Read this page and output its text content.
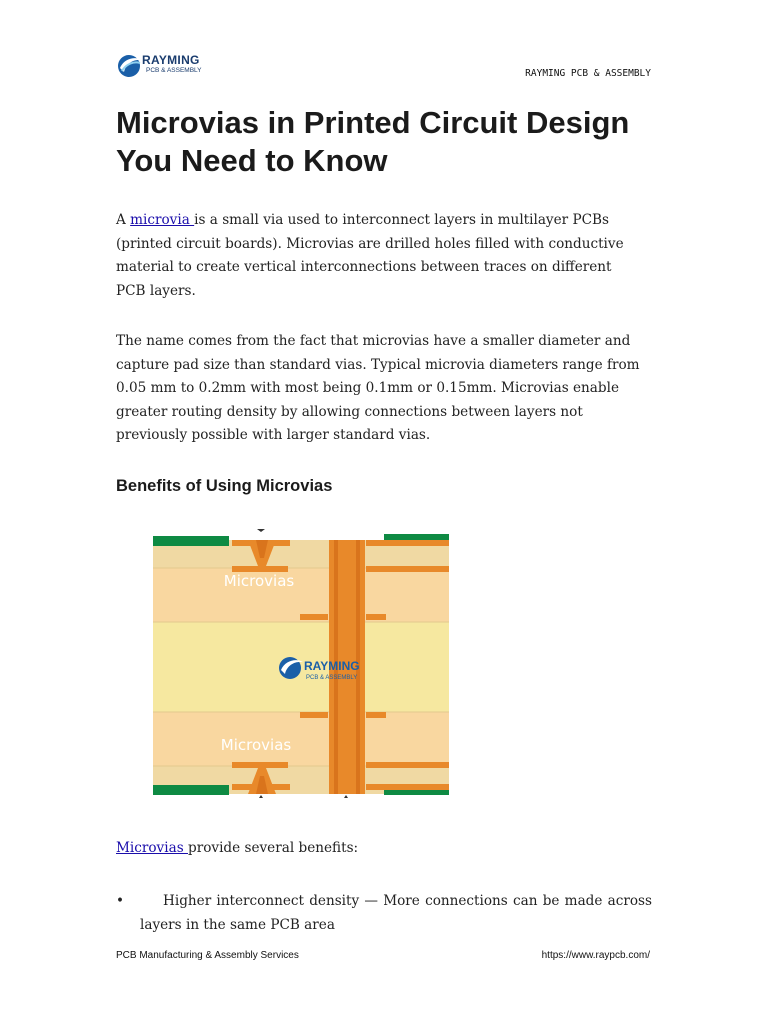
RAYMING
PCB & ASSEMBLY	RAYMING PCB & ASSEMBLY
Microvias in Printed Circuit Design You Need to Know

A microvia is a small via used to interconnect layers in multilayer PCBs (printed circuit boards). Microvias are drilled holes filled with conductive material to create vertical interconnections between traces on different PCB layers.

The name comes from the fact that microvias have a smaller diameter and capture pad size than standard vias. Typical microvia diameters range from 0.05 mm to 0.2mm with most being 0.1mm or 0.15mm. Microvias enable greater routing density by allowing connections between layers not previously possible with larger standard vias.

Benefits of Using Microvias
Microvias
Microvias
RAYMING
PCB & ASSEMBLY
Microvias provide several benefits:
•	Higher interconnect density — More connections can be made across layers in the same PCB area
PCB Manufacturing & Assembly Services	https://www.raypcb.com/
